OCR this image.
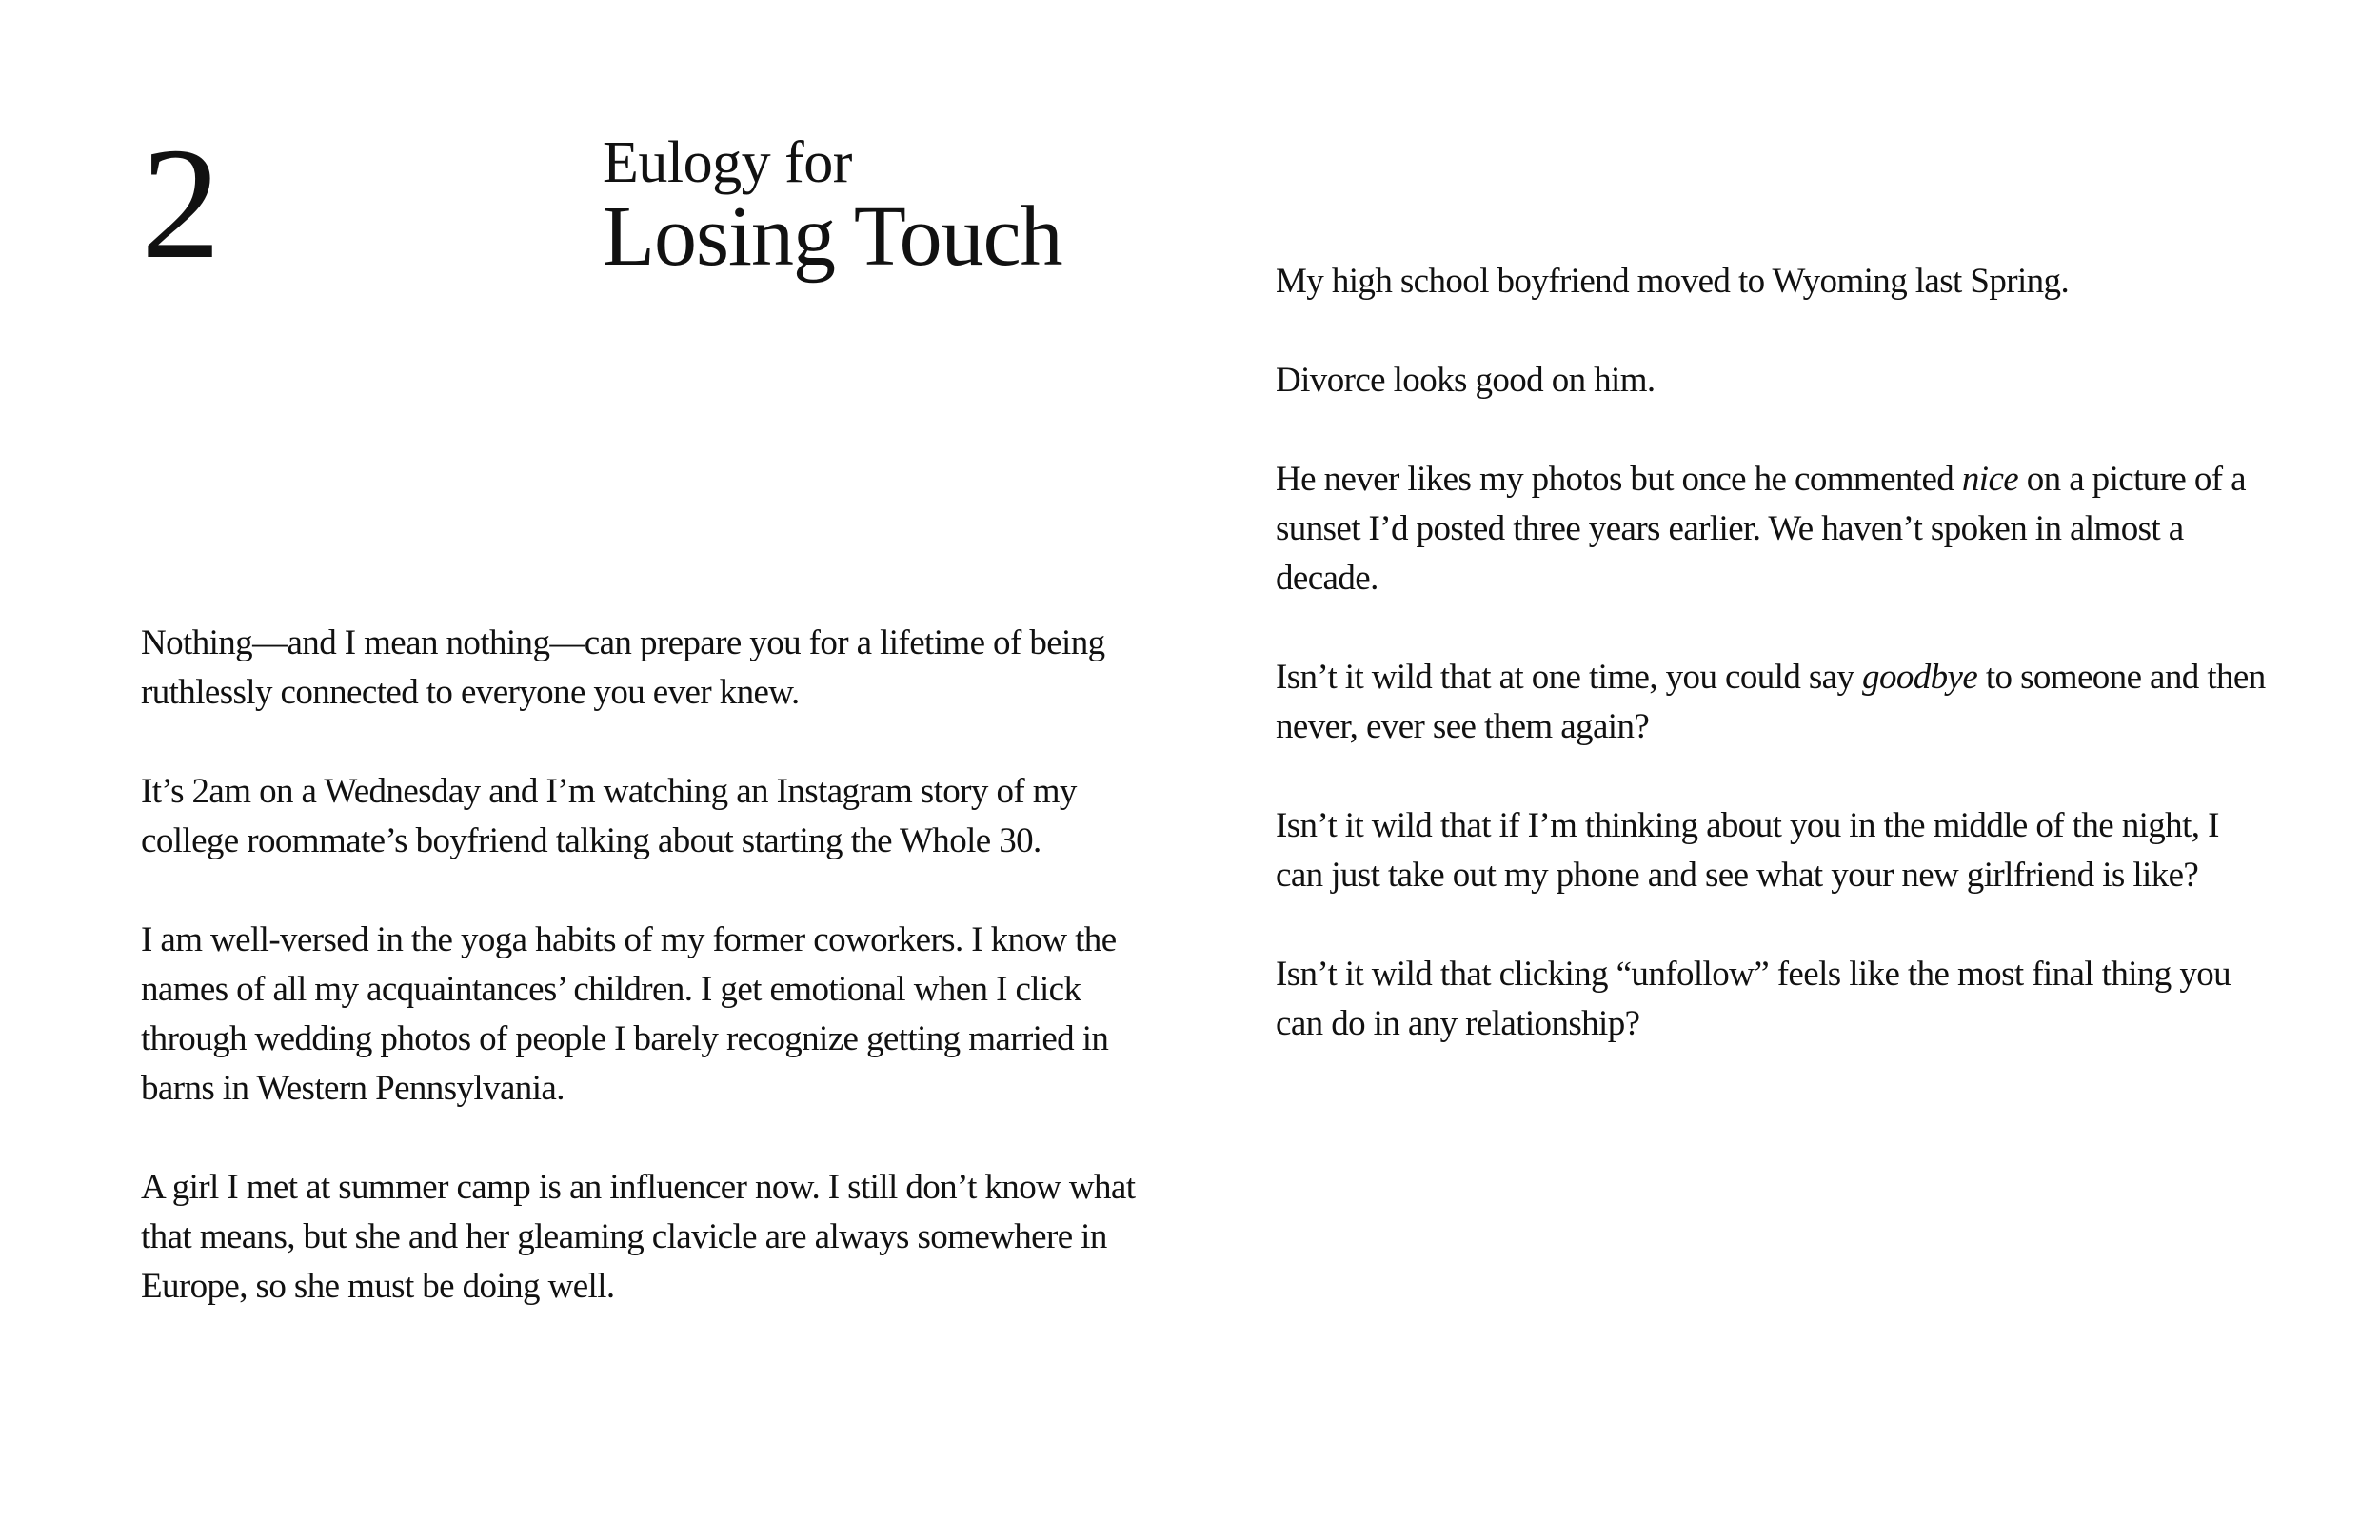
2	Eulogy for
Losing Touch

Nothing—and I mean nothing—can prepare you for a lifetime of being ruthlessly connected to everyone you ever knew.

It’s 2am on a Wednesday and I’m watching an Instagram story of my college roommate’s boyfriend talking about starting the Whole 30.

I am well-versed in the yoga habits of my former coworkers. I know the names of all my acquaintances’ children. I get emotional when I click through wedding photos of people I barely recognize getting married in barns in Western Pennsylvania.

A girl I met at summer camp is an influencer now. I still don’t know what that means, but she and her gleaming clavicle are always somewhere in Europe, so she must be doing well.

My high school boyfriend moved to Wyoming last Spring.

Divorce looks good on him.

He never likes my photos but once he commented nice on a picture of a sunset I’d posted three years earlier. We haven’t spoken in almost a decade.

Isn’t it wild that at one time, you could say goodbye to someone and then never, ever see them again?

Isn’t it wild that if I’m thinking about you in the middle of the night, I can just take out my phone and see what your new girlfriend is like?

Isn’t it wild that clicking “unfollow” feels like the most final thing you can do in any relationship?
